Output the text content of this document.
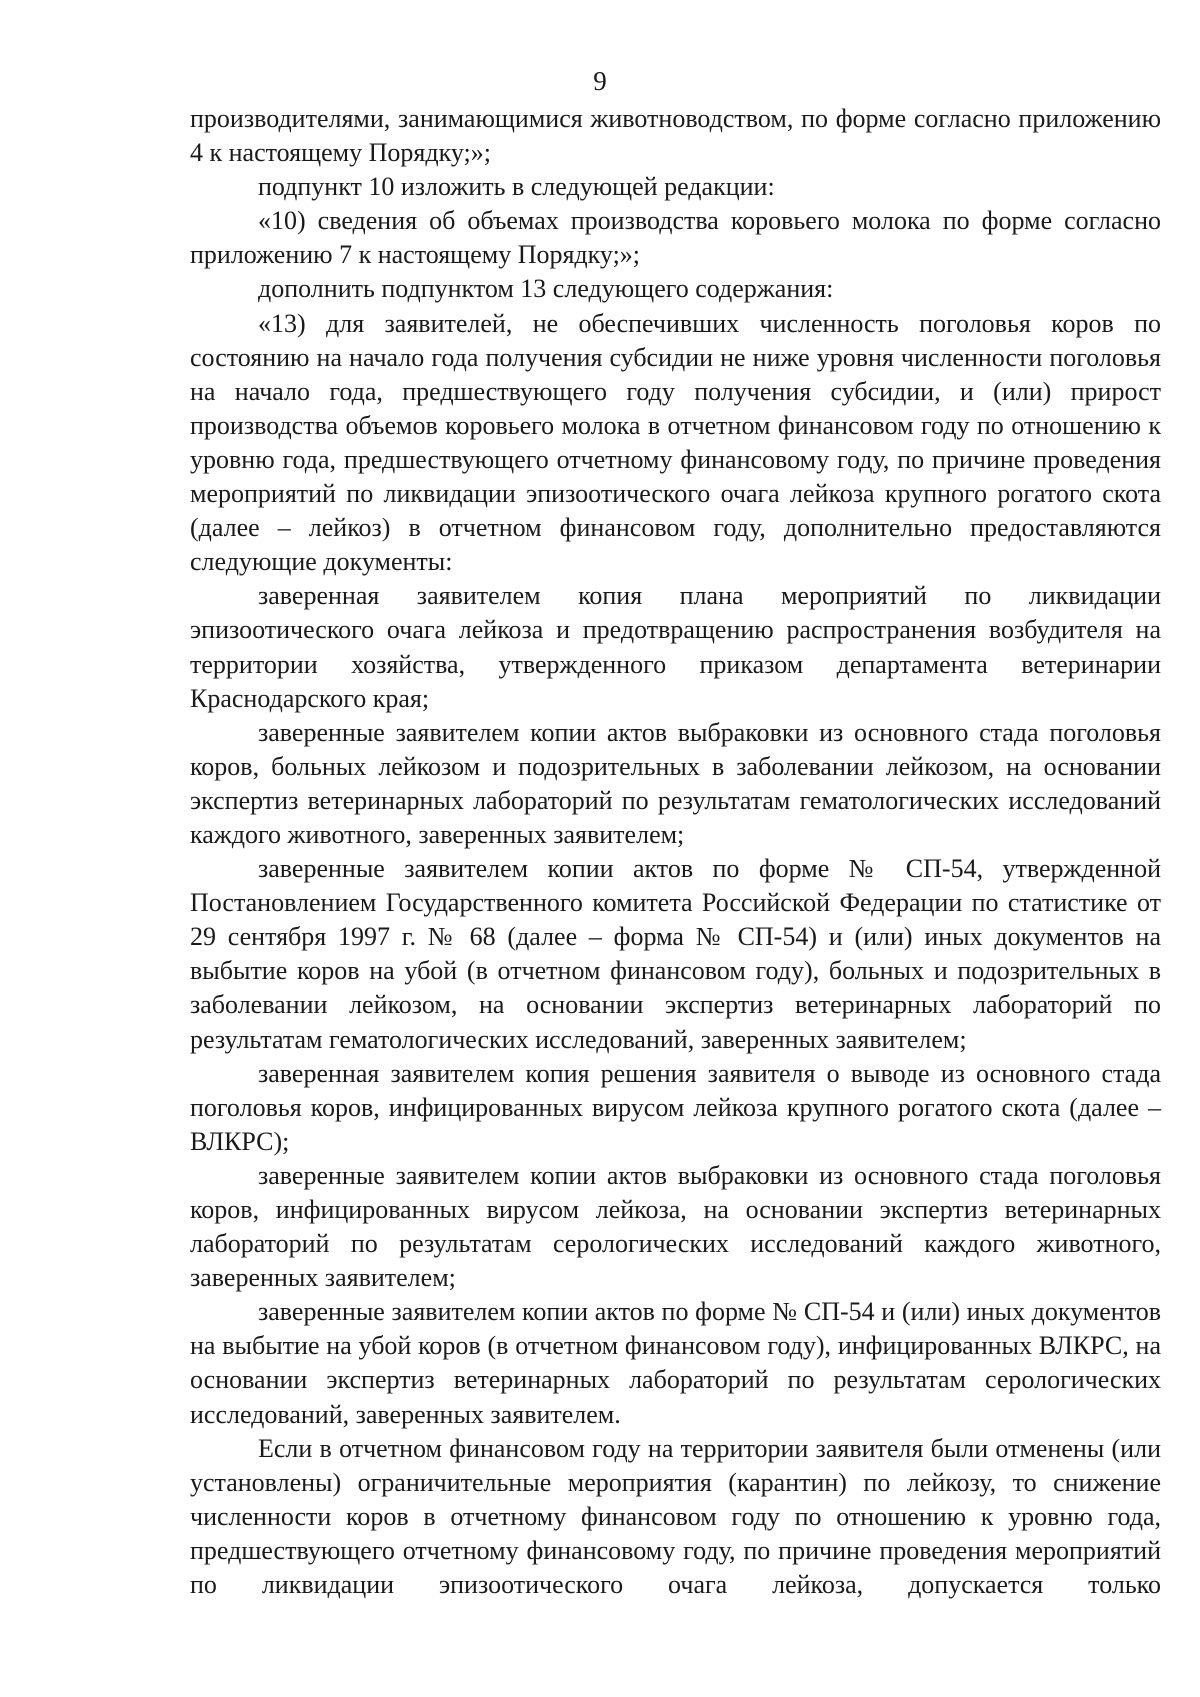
9

производителями, занимающимися животноводством, по форме согласно приложению 4 к настоящему Порядку;»;

подпункт 10 изложить в следующей редакции:

«10) сведения об объемах производства коровьего молока по форме согласно приложению 7 к настоящему Порядку;»;

дополнить подпунктом 13 следующего содержания:

«13) для заявителей, не обеспечивших численность поголовья коров по состоянию на начало года получения субсидии не ниже уровня численности поголовья на начало года, предшествующего году получения субсидии, и (или) прирост производства объемов коровьего молока в отчетном финансовом году по отношению к уровню года, предшествующего отчетному финансовому году, по причине проведения мероприятий по ликвидации эпизоотического очага лейкоза крупного рогатого скота (далее – лейкоз) в отчетном финансовом году, дополнительно предоставляются следующие документы:

заверенная заявителем копия плана мероприятий по ликвидации эпизоотического очага лейкоза и предотвращению распространения возбудителя на территории хозяйства, утвержденного приказом департамента ветеринарии Краснодарского края;

заверенные заявителем копии актов выбраковки из основного стада поголовья коров, больных лейкозом и подозрительных в заболевании лейкозом, на основании экспертиз ветеринарных лабораторий по результатам гематологических исследований каждого животного, заверенных заявителем;

заверенные заявителем копии актов по форме № СП-54, утвержденной Постановлением Государственного комитета Российской Федерации по статистике от 29 сентября 1997 г. № 68 (далее – форма № СП-54) и (или) иных документов на выбытие коров на убой (в отчетном финансовом году), больных и подозрительных в заболевании лейкозом, на основании экспертиз ветеринарных лабораторий по результатам гематологических исследований, заверенных заявителем;

заверенная заявителем копия решения заявителя о выводе из основного стада поголовья коров, инфицированных вирусом лейкоза крупного рогатого скота (далее – ВЛКРС);

заверенные заявителем копии актов выбраковки из основного стада поголовья коров, инфицированных вирусом лейкоза, на основании экспертиз ветеринарных лабораторий по результатам серологических исследований каждого животного, заверенных заявителем;

заверенные заявителем копии актов по форме № СП-54 и (или) иных документов на выбытие на убой коров (в отчетном финансовом году), инфицированных ВЛКРС, на основании экспертиз ветеринарных лабораторий по результатам серологических исследований, заверенных заявителем.

Если в отчетном финансовом году на территории заявителя были отменены (или установлены) ограничительные мероприятия (карантин) по лейкозу, то снижение численности коров в отчетному финансовом году по отношению к уровню года, предшествующего отчетному финансовому году, по причине проведения мероприятий по ликвидации эпизоотического очага лейкоза, допускается только
